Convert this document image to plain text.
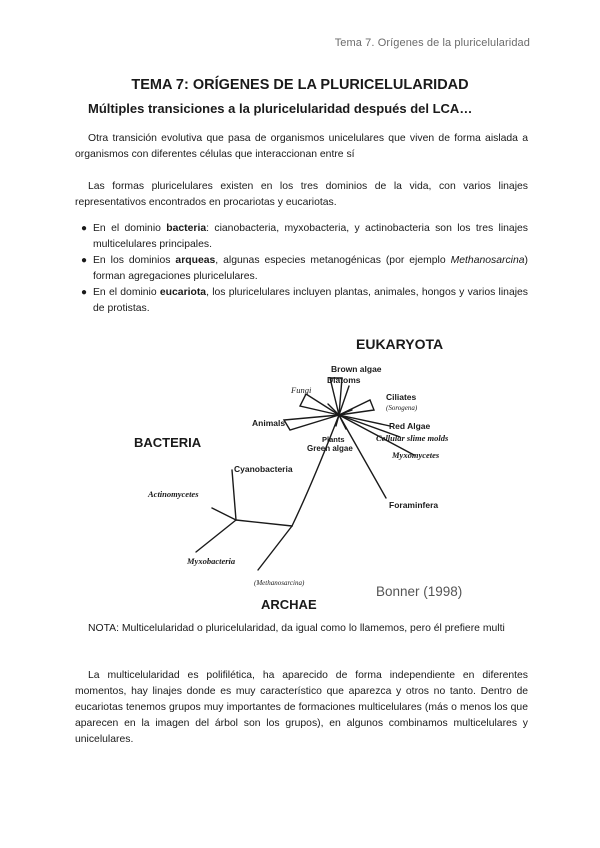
Tema 7. Orígenes de la pluricelularidad
TEMA 7: ORÍGENES DE LA PLURICELULARIDAD
Múltiples transiciones a la pluricelularidad después del LCA…

Otra transición evolutiva que pasa de organismos unicelulares que viven de forma aislada a organismos con diferentes células que interaccionan entre sí

Las formas pluricelulares existen en los tres dominios de la vida, con varios linajes representativos encontrados en procariotas y eucariotas.

● En el dominio bacteria: cianobacteria, myxobacteria, y actinobacteria son los tres linajes multicelulares principales.
● En los dominios arqueas, algunas especies metanogénicas (por ejemplo Methanosarcina) forman agregaciones pluricelulares.
● En el dominio eucariota, los pluricelulares incluyen plantas, animales, hongos y varios linajes de protistas.
EUKARYOTA
BACTERIA
ARCHAE
Brown algae
Diatoms
Fungi
Ciliates
(Sorogena)
Animals
Plants
Green algae
Red Algae
Cellular slime molds
Myxomycetes
Foraminfera
Cyanobacteria
Actinomycetes
Myxobacteria
(Methanosarcina)
Bonner (1998)

NOTA: Multicelularidad o pluricelularidad, da igual como lo llamemos, pero él prefiere multi

La multicelularidad es polifilética, ha aparecido de forma independiente en diferentes momentos, hay linajes donde es muy característico que aparezca y otros no tanto. Dentro de eucariotas tenemos grupos muy importantes de formaciones multicelulares (más o menos los que aparecen en la imagen del árbol son los grupos), en algunos combinamos multicelulares y unicelulares.
